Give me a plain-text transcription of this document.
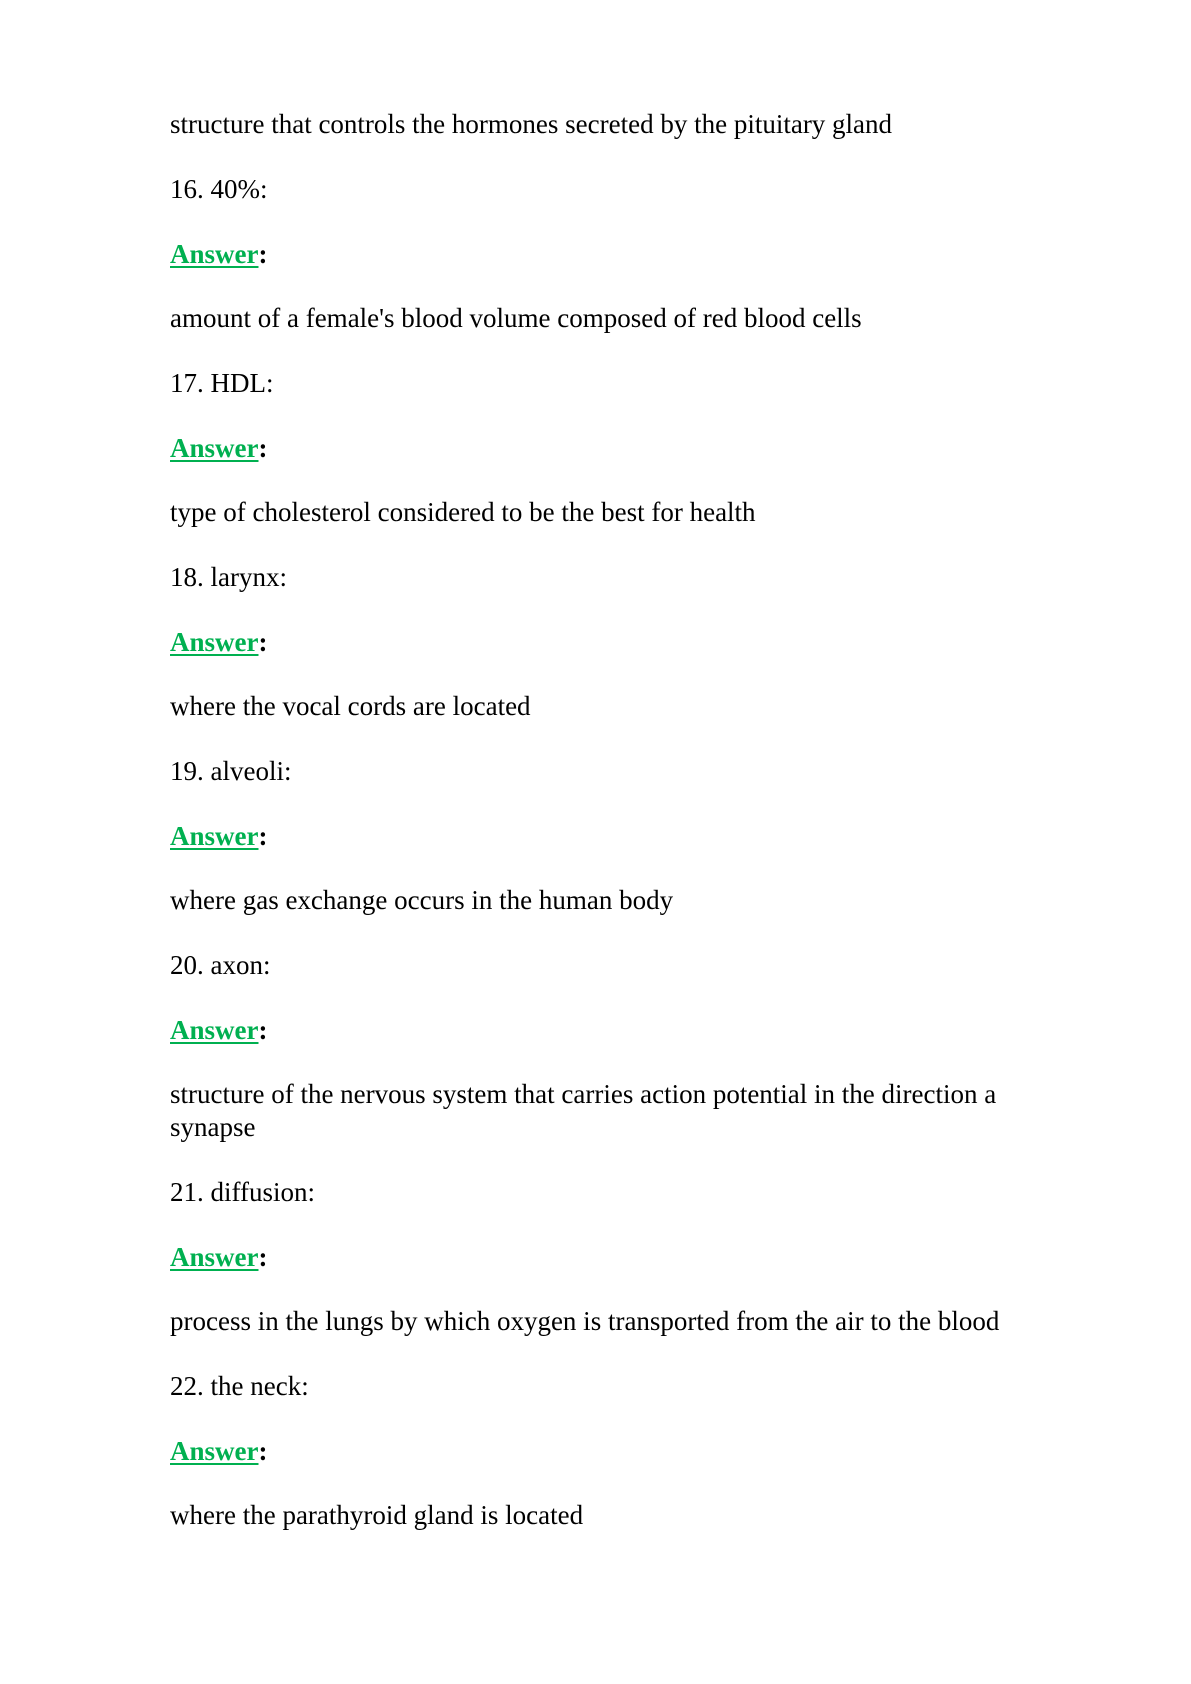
structure that controls the hormones secreted by the pituitary gland

16. 40%:

Answer:

amount of a female's blood volume composed of red blood cells

17. HDL:

Answer:

type of cholesterol considered to be the best for health

18. larynx:

Answer:

where the vocal cords are located

19. alveoli:

Answer:

where gas exchange occurs in the human body

20. axon:

Answer:

structure of the nervous system that carries action potential in the direction a synapse

21. diffusion:

Answer:

process in the lungs by which oxygen is transported from the air to the blood

22. the neck:

Answer:

where the parathyroid gland is located
